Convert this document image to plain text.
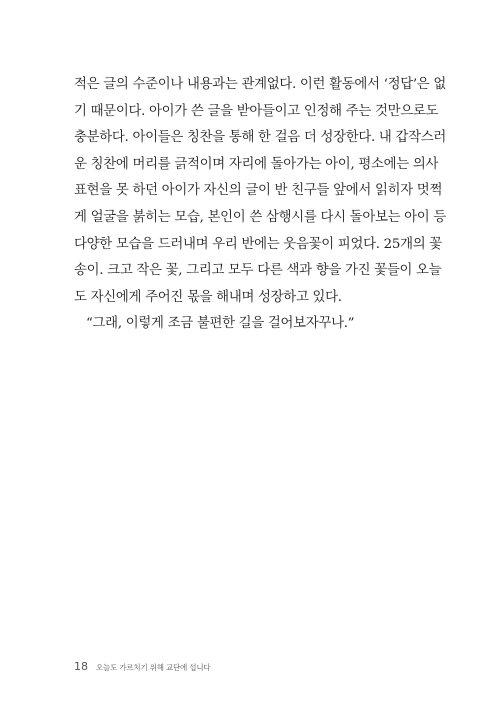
적은 글의 수준이나 내용과는 관계없다. 이런 활동에서 ‘정답’은 없
기 때문이다. 아이가 쓴 글을 받아들이고 인정해 주는 것만으로도
충분하다. 아이들은 칭찬을 통해 한 걸음 더 성장한다. 내 갑작스러
운 칭찬에 머리를 긁적이며 자리에 돌아가는 아이, 평소에는 의사
표현을 못 하던 아이가 자신의 글이 반 친구들 앞에서 읽히자 멋쩍
게 얼굴을 붉히는 모습, 본인이 쓴 삼행시를 다시 돌아보는 아이 등
다양한 모습을 드러내며 우리 반에는 웃음꽃이 피었다. 25개의 꽃
송이. 크고 작은 꽃, 그리고 모두 다른 색과 향을 가진 꽃들이 오늘
도 자신에게 주어진 몫을 해내며 성장하고 있다.
“그래, 이렇게 조금 불편한 길을 걸어보자꾸나.”
18 오늘도 가르치기 위해 교단에 섭니다
